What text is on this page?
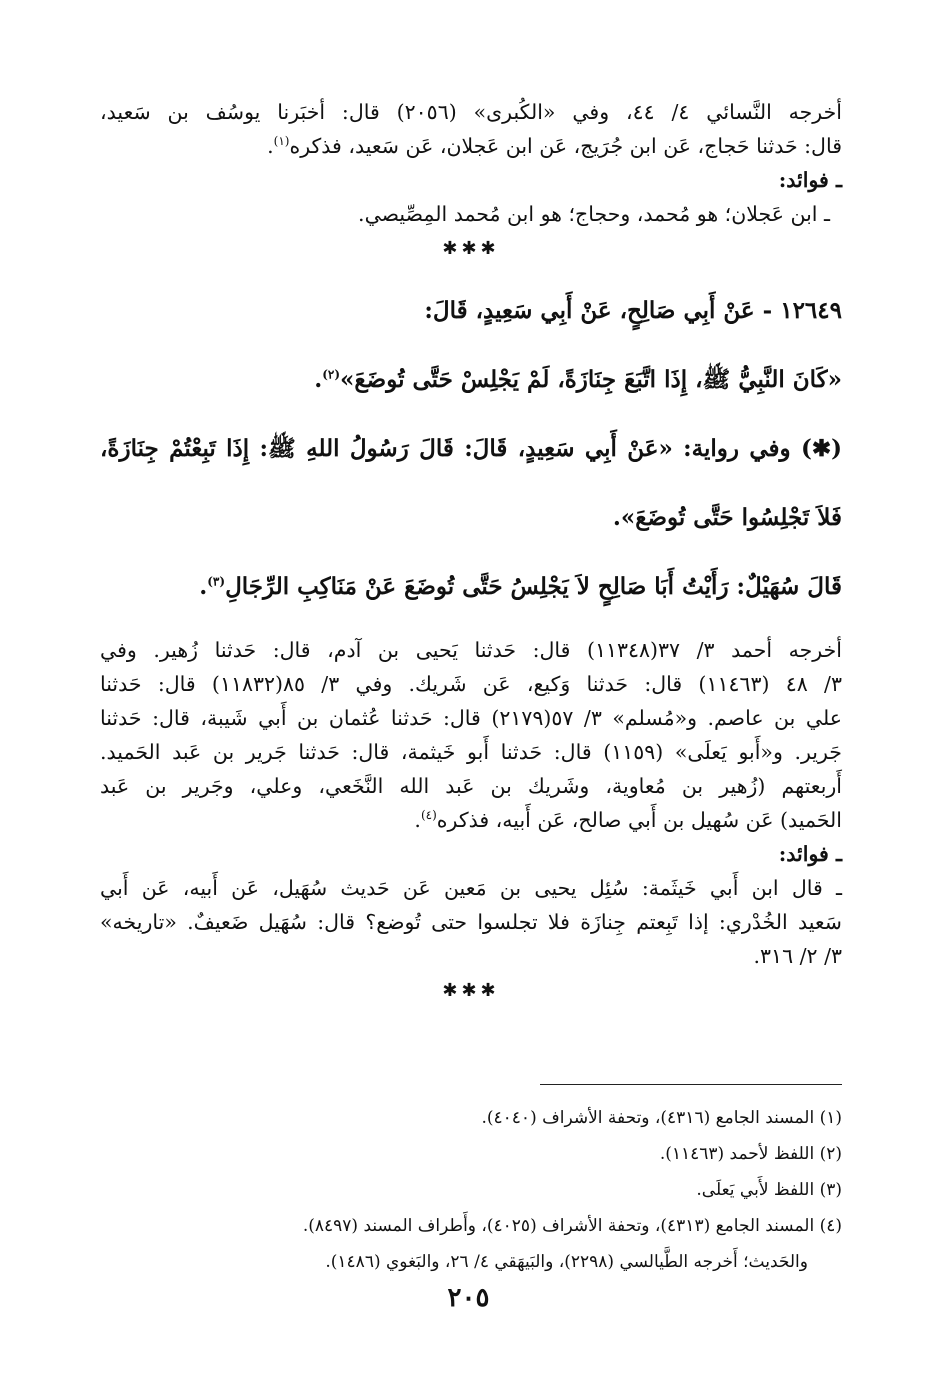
أخرجه النَّسائي ٤/ ٤٤، وفي «الكُبرى» (٢٠٥٦) قال: أخبَرنا يوسُف بن سَعيد،

قال: حَدثنا حَجاج، عَن ابن جُرَيج، عَن ابن عَجلان، عَن سَعيد، فذكره$^{(١)}$.

ـ فوائد:

ـ ابن عَجلان؛ هو مُحمد، وحجاج؛ هو ابن مُحمد المِصِّيصي.

✱✱✱

١٢٦٤٩ - عَنْ أَبِي صَالِحٍ، عَنْ أَبِي سَعِيدٍ، قَالَ:

«كَانَ النَّبِيُّ ﷺ، إِذَا اتَّبَعَ جِنَازَةً، لَمْ يَجْلِسْ حَتَّى تُوضَعَ»$^{(٢)}$.

(✱) وفي رواية: «عَنْ أَبِي سَعِيدٍ، قَالَ: قَالَ رَسُولُ اللهِ ﷺ: إِذَا تَبِعْتُمْ جِنَازَةً،

فَلاَ تَجْلِسُوا حَتَّى تُوضَعَ».

قَالَ سُهَيْلٌ: رَأَيْتُ أَبَا صَالِحٍ لاَ يَجْلِسُ حَتَّى تُوضَعَ عَنْ مَنَاكِبِ الرِّجَالِ$^{(٣)}$.

أخرجه أحمد ٣/ ٣٧(١١٣٤٨) قال: حَدثنا يَحيى بن آدم، قال: حَدثنا زُهير. وفي

٣/ ٤٨ (١١٤٦٣) قال: حَدثنا وَكيع، عَن شَريك. وفي ٣/ ٨٥(١١٨٣٢) قال: حَدثنا

علي بن عاصم. و«مُسلم» ٣/ ٥٧(٢١٧٩) قال: حَدثنا عُثمان بن أَبي شَيبة، قال: حَدثنا

جَرير. و«أَبو يَعلَى» (١١٥٩) قال: حَدثنا أَبو خَيثمة، قال: حَدثنا جَرير بن عَبد الحَميد.

أَربعتهم (زُهير بن مُعاوية، وشَريك بن عَبد الله النَّخَعي، وعلي، وجَرير بن عَبد

الحَميد) عَن سُهيل بن أَبي صالح، عَن أَبيه، فذكره$^{(٤)}$.

ـ فوائد:

ـ قال ابن أَبي خَيثَمة: سُئِل يحيى بن مَعين عَن حَديث سُهَيل، عَن أَبيه، عَن أَبي

سَعيد الخُدْري: إذا تَبِعتم جِنازَة فلا تجلسوا حتى تُوضع؟ قال: سُهَيل ضَعيفٌ. «تاريخه»

٣/ ٢/ ٣١٦.

✱✱✱

(١) المسند الجامع (٤٣١٦)، وتحفة الأشراف (٤٠٤٠).

(٢) اللفظ لأحمد (١١٤٦٣).

(٣) اللفظ لأَبي يَعلَى.

(٤) المسند الجامع (٤٣١٣)، وتحفة الأشراف (٤٠٢٥)، وأَطراف المسند (٨٤٩٧).

والحَديث؛ أَخرجه الطَّيالسي (٢٢٩٨)، والبَيهَقي ٤/ ٢٦، والبَغوي (١٤٨٦).

٢٠٥
